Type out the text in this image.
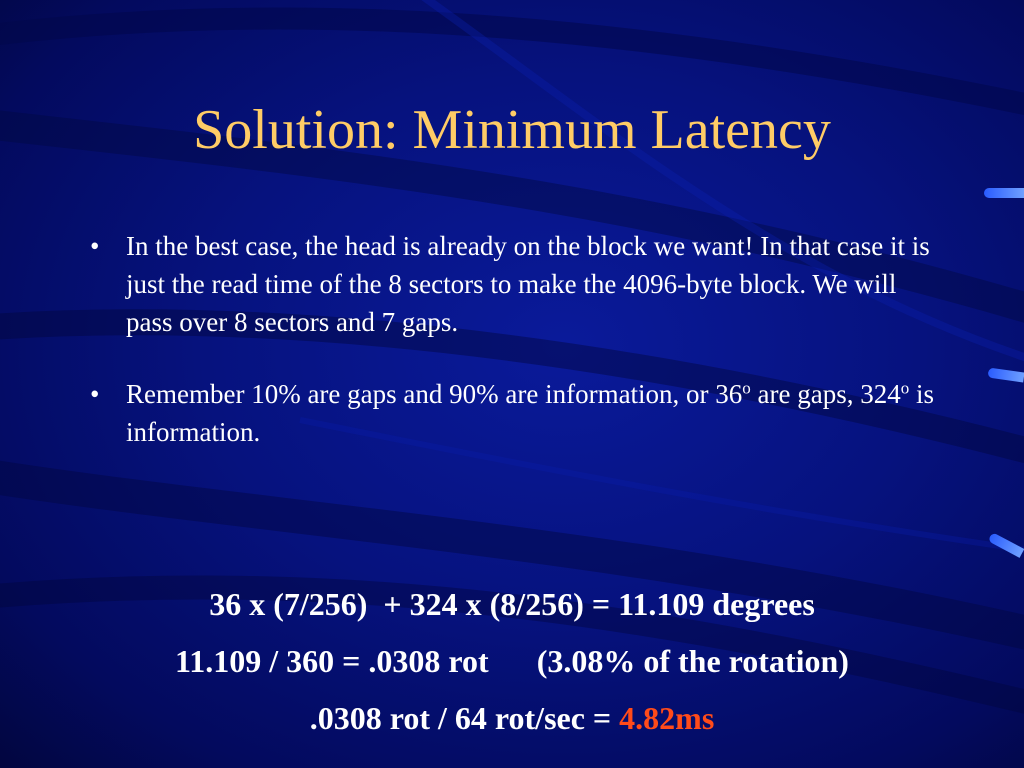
Solution: Minimum Latency
• In the best case, the head is already on the block we want! In that case it is just the read time of the 8 sectors to make the 4096-byte block. We will pass over 8 sectors and 7 gaps.
• Remember 10% are gaps and 90% are information, or 36$^o$ are gaps, 324$^o$ is information.
36 x (7/256)  + 324 x (8/256) = 11.109 degrees
11.109 / 360 = .0308 rot      (3.08% of the rotation)
.0308 rot / 64 rot/sec = 4.82ms
